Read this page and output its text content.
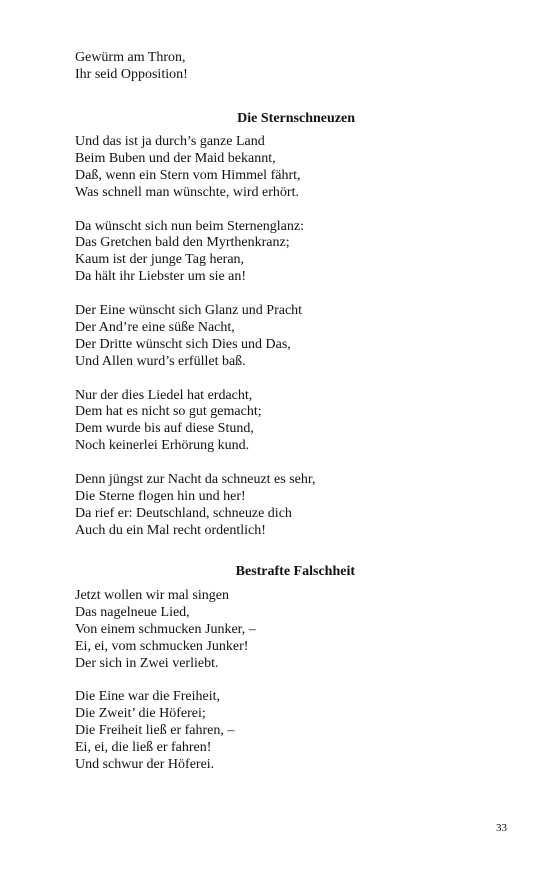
Gewürm am Thron,
Ihr seid Opposition!
Die Sternschneuzen
Und das ist ja durch’s ganze Land
Beim Buben und der Maid bekannt,
Daß, wenn ein Stern vom Himmel fährt,
Was schnell man wünschte, wird erhört.
Da wünscht sich nun beim Sternenglanz:
Das Gretchen bald den Myrthenkranz;
Kaum ist der junge Tag heran,
Da hält ihr Liebster um sie an!
Der Eine wünscht sich Glanz und Pracht
Der And’re eine süße Nacht,
Der Dritte wünscht sich Dies und Das,
Und Allen wurd’s erfüllet baß.
Nur der dies Liedel hat erdacht,
Dem hat es nicht so gut gemacht;
Dem wurde bis auf diese Stund,
Noch keinerlei Erhörung kund.
Denn jüngst zur Nacht da schneuzt es sehr,
Die Sterne flogen hin und her!
Da rief er: Deutschland, schneuze dich
Auch du ein Mal recht ordentlich!
Bestrafte Falschheit
Jetzt wollen wir mal singen
Das nagelneue Lied,
Von einem schmucken Junker, –
Ei, ei, vom schmucken Junker!
Der sich in Zwei verliebt.
Die Eine war die Freiheit,
Die Zweit’ die Höferei;
Die Freiheit ließ er fahren, –
Ei, ei, die ließ er fahren!
Und schwur der Höferei.
33
